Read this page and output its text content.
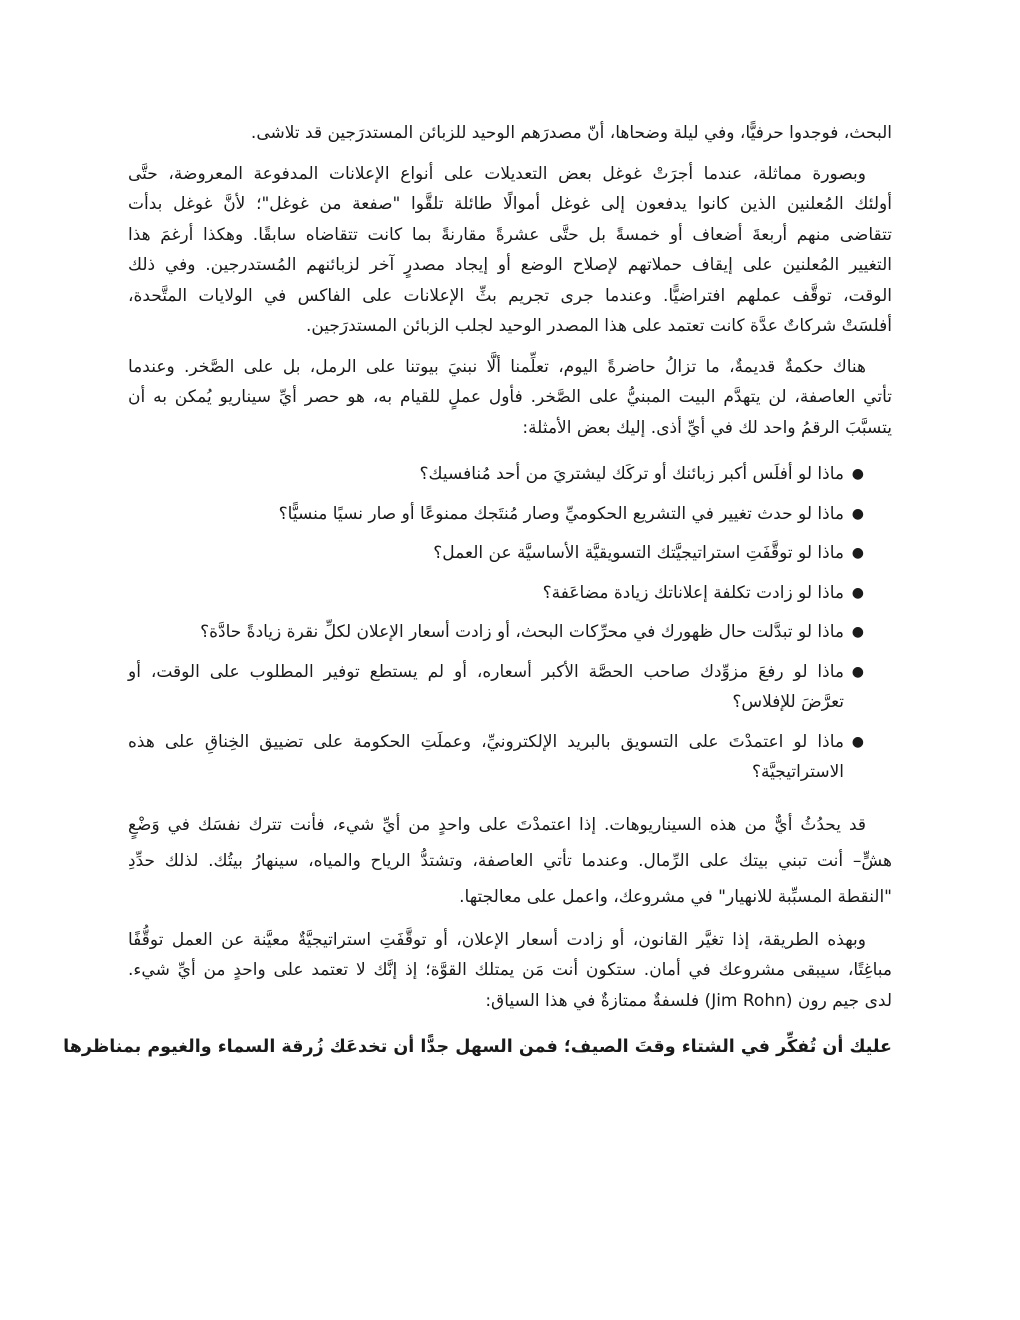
البحث، فوجدوا حرفيًّا، وفي ليلة وضحاها، أنّ مصدرَهم الوحيد للزبائن المستدرَجين قد تلاشى.

وبصورة مماثلة، عندما أجرَتْ غوغل بعض التعديلات على أنواع الإعلانات المدفوعة المعروضة، حتَّى
أولئك المُعلنين الذين كانوا يدفعون إلى غوغل أموالًا طائلة تلقَّوا "صفعة من غوغل"؛ لأنَّ غوغل بدأت
تتقاضى منهم أربعةَ أضعاف أو خمسةً بل حتَّى عشرةً مقارنةً بما كانت تتقاضاه سابقًا. وهكذا أرغمَ هذا
التغيير المُعلنين على إيقاف حملاتهم لإصلاح الوضع أو إيجاد مصدرٍ آخر لزبائنهم المُستدرجين. وفي ذلك
الوقت، توقَّف عملهم افتراضيًّا. وعندما جرى تجريم بثِّ الإعلانات على الفاكس في الولايات المتَّحدة،
أفلسَتْ شركاتٌ عدَّة كانت تعتمد على هذا المصدر الوحيد لجلب الزبائن المستدرَجين.

هناك حكمةٌ قديمةٌ، ما تزالُ حاضرةً اليوم، تعلِّمنا ألَّا نبنيَ بيوتنا على الرمل، بل على الصَّخر. وعندما
تأتي العاصفة، لن يتهدَّم البيت المبنيُّ على الصَّخر. فأول عملٍ للقيام به، هو حصر أيِّ سيناريو يُمكن به أن
يتسبَّبَ الرقمُ واحد لك في أيِّ أذى. إليك بعض الأمثلة:

●
ماذا لو أفلَس أكبر زبائنك أو تركَك ليشتريَ من أحد مُنافسيك؟
●
ماذا لو حدث تغيير في التشريع الحكوميِّ وصار مُنتَجك ممنوعًا أو صار نسيًا منسيًّا؟
●
ماذا لو توقَّفَتِ استراتيجيَّتك التسويقيَّة الأساسيَّة عن العمل؟
●
ماذا لو زادت تكلفة إعلاناتك زيادة مضاعَفة؟
●
ماذا لو تبدَّلت حال ظهورك في محرِّكات البحث، أو زادت أسعار الإعلان لكلِّ نقرة زيادةً حادَّة؟
●
ماذا لو رفعَ مزوِّدك صاحب الحصَّة الأكبر أسعاره، أو لم يستطع توفير المطلوب على الوقت، أو
تعرَّضَ للإفلاس؟
●
ماذا لو اعتمدْتَ على التسويق بالبريد الإلكترونيِّ، وعملَتِ الحكومة على تضييق الخِناقِ على هذه
الاستراتيجيَّة؟

قد يحدُثُ أيٌّ من هذه السيناريوهات. إذا اعتمدْتَ على واحدٍ من أيِّ شيء، فأنت تترك نفسَك في وَضْعٍ
هشٍّ– أنت تبني بيتك على الرِّمال. وعندما تأتي العاصفة، وتشتدُّ الرياح والمياه، سينهارُ بيتُك. لذلك حدِّدِ
"النقطة المسبِّبة للانهيار" في مشروعك، واعمل على معالجتها.

وبهذه الطريقة، إذا تغيَّر القانون، أو زادت أسعار الإعلان، أو توقَّفَتِ استراتيجيَّةٌ معيَّنة عن العمل توقُّفًا
مباغِتًا، سيبقى مشروعك في أمان. ستكون أنت مَن يمتلك القوَّة؛ إذ إنَّك لا تعتمد على واحدٍ من أيِّ شيء.
لدى جيم رون (Jim Rohn) فلسفةٌ ممتازةٌ في هذا السياق:

عليك أن تُفكِّر في الشتاء وقتَ الصيف؛ فمن السهل جدًّا أن تخدعَك زُرقة السماء والغيوم بمناظرها
